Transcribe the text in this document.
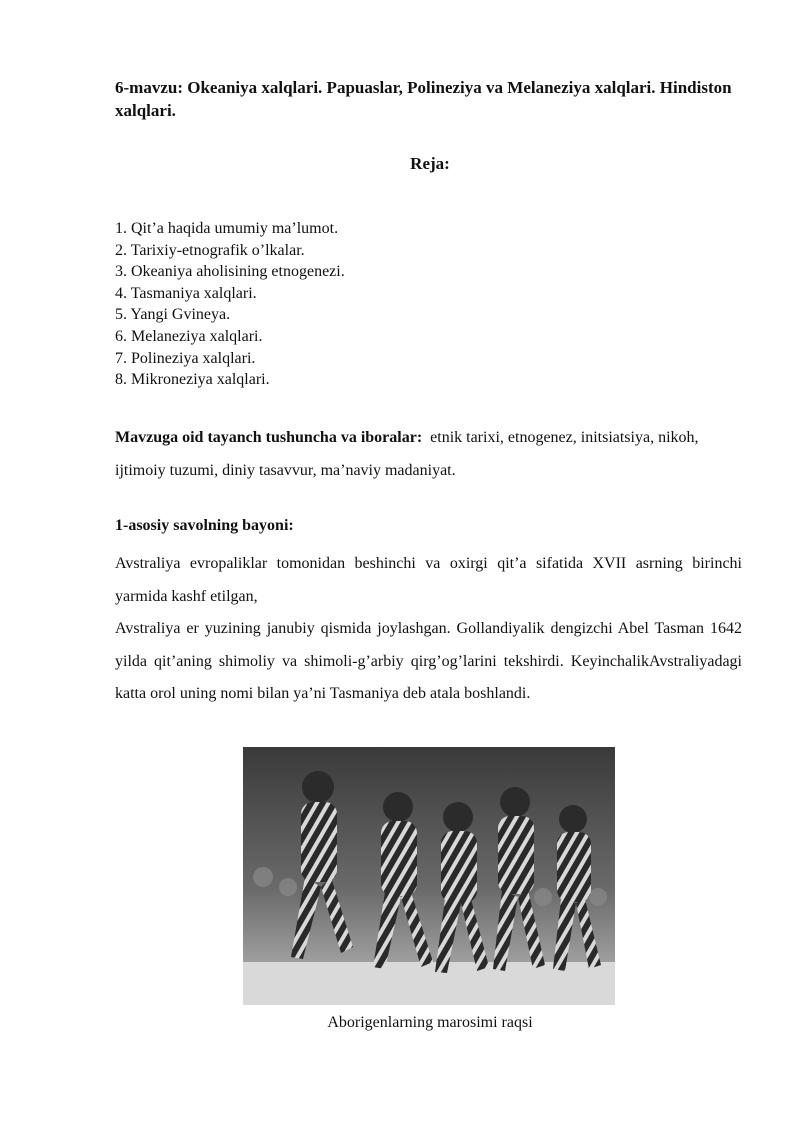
6-mavzu: Okeaniya xalqlari. Papuaslar, Polineziya va Melaneziya xalqlari. Hindiston xalqlari.
Reja:
1. Qit’a haqida umumiy ma’lumot.
2. Tarixiy-etnografik o’lkalar.
3. Okeaniya aholisining etnogenezi.
4. Tasmaniya xalqlari.
5. Yangi Gvineya.
6. Melaneziya xalqlari.
7. Polineziya xalqlari.
8. Mikroneziya xalqlari.
Mavzuga oid tayanch tushuncha va iboralar: etnik tarixi, etnogenez, initsiatsiya, nikoh, ijtimoiy tuzumi, diniy tasavvur, ma’naviy madaniyat.
1-asosiy savolning bayoni:

Avstraliya evropaliklar tomonidan beshinchi va oxirgi qit’a sifatida XVII asrning birinchi yarmida kashf etilgan,

Avstraliya er yuzining janubiy qismida joylashgan. Gollandiyalik dengizchi Abel Tasman 1642 yilda qit’aning shimoliy va shimoli-g’arbiy qirg’og’larini tekshirdi. KeyinchalikAvstraliyadagi katta orol uning nomi bilan ya’ni Tasmaniya deb atala boshlandi.

Aborigenlarning marosimi raqsi
